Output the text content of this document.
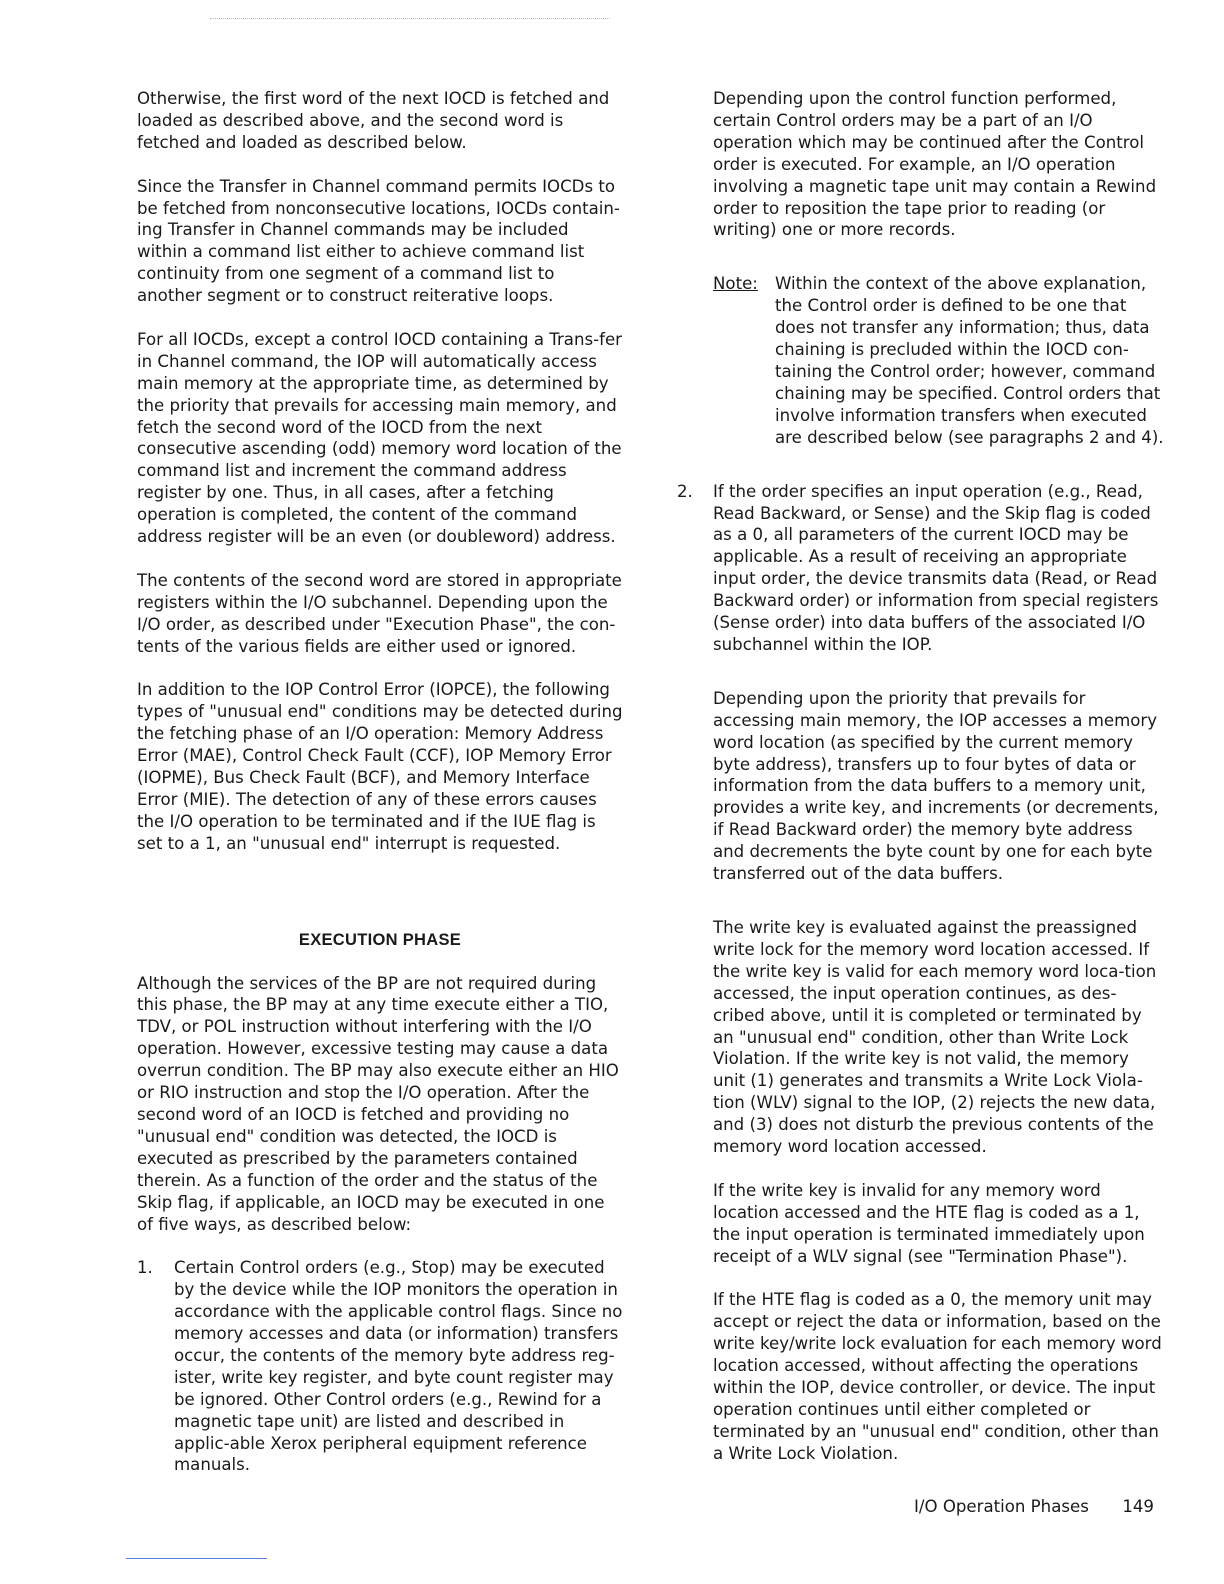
Otherwise, the first word of the next IOCD is fetched and loaded as described above, and the second word is fetched and loaded as described below.

Since the Transfer in Channel command permits IOCDs to be fetched from nonconsecutive locations, IOCDs contain-ing Transfer in Channel commands may be included within a command list either to achieve command list continuity from one segment of a command list to another segment or to construct reiterative loops.

For all IOCDs, except a control IOCD containing a Trans-fer in Channel command, the IOP will automatically access main memory at the appropriate time, as determined by the priority that prevails for accessing main memory, and fetch the second word of the IOCD from the next consecutive ascending (odd) memory word location of the command list and increment the command address register by one. Thus, in all cases, after a fetching operation is completed, the content of the command address register will be an even (or doubleword) address.

The contents of the second word are stored in appropriate registers within the I/O subchannel. Depending upon the I/O order, as described under "Execution Phase", the con-tents of the various fields are either used or ignored.

In addition to the IOP Control Error (IOPCE), the following types of "unusual end" conditions may be detected during the fetching phase of an I/O operation: Memory Address Error (MAE), Control Check Fault (CCF), IOP Memory Error (IOPME), Bus Check Fault (BCF), and Memory Interface Error (MIE). The detection of any of these errors causes the I/O operation to be terminated and if the IUE flag is set to a 1, an "unusual end" interrupt is requested.

EXECUTION PHASE

Although the services of the BP are not required during this phase, the BP may at any time execute either a TIO, TDV, or POL instruction without interfering with the I/O operation. However, excessive testing may cause a data overrun condition. The BP may also execute either an HIO or RIO instruction and stop the I/O operation. After the second word of an IOCD is fetched and providing no "unusual end" condition was detected, the IOCD is executed as prescribed by the parameters contained therein. As a function of the order and the status of the Skip flag, if applicable, an IOCD may be executed in one of five ways, as described below:

1. Certain Control orders (e.g., Stop) may be executed by the device while the IOP monitors the operation in accordance with the applicable control flags. Since no memory accesses and data (or information) transfers occur, the contents of the memory byte address reg-ister, write key register, and byte count register may be ignored. Other Control orders (e.g., Rewind for a magnetic tape unit) are listed and described in applic-able Xerox peripheral equipment reference manuals.

Depending upon the control function performed, certain Control orders may be a part of an I/O operation which may be continued after the Control order is executed. For example, an I/O operation involving a magnetic tape unit may contain a Rewind order to reposition the tape prior to reading (or writing) one or more records.

Note: Within the context of the above explanation, the Control order is defined to be one that does not transfer any information; thus, data chaining is precluded within the IOCD con-taining the Control order; however, command chaining may be specified. Control orders that involve information transfers when executed are described below (see paragraphs 2 and 4).
2. If the order specifies an input operation (e.g., Read, Read Backward, or Sense) and the Skip flag is coded as a 0, all parameters of the current IOCD may be applicable. As a result of receiving an appropriate input order, the device transmits data (Read, or Read Backward order) or information from special registers (Sense order) into data buffers of the associated I/O subchannel within the IOP.

Depending upon the priority that prevails for accessing main memory, the IOP accesses a memory word location (as specified by the current memory byte address), transfers up to four bytes of data or information from the data buffers to a memory unit, provides a write key, and increments (or decrements, if Read Backward order) the memory byte address and decrements the byte count by one for each byte transferred out of the data buffers.

The write key is evaluated against the preassigned write lock for the memory word location accessed. If the write key is valid for each memory word loca-tion accessed, the input operation continues, as des-cribed above, until it is completed or terminated by an "unusual end" condition, other than Write Lock Violation. If the write key is not valid, the memory unit (1) generates and transmits a Write Lock Viola-tion (WLV) signal to the IOP, (2) rejects the new data, and (3) does not disturb the previous contents of the memory word location accessed.

If the write key is invalid for any memory word location accessed and the HTE flag is coded as a 1, the input operation is terminated immediately upon receipt of a WLV signal (see "Termination Phase").

If the HTE flag is coded as a 0, the memory unit may accept or reject the data or information, based on the write key/write lock evaluation for each memory word location accessed, without affecting the operations within the IOP, device controller, or device. The input operation continues until either completed or terminated by an "unusual end" condition, other than a Write Lock Violation.

I/O Operation Phases 149
